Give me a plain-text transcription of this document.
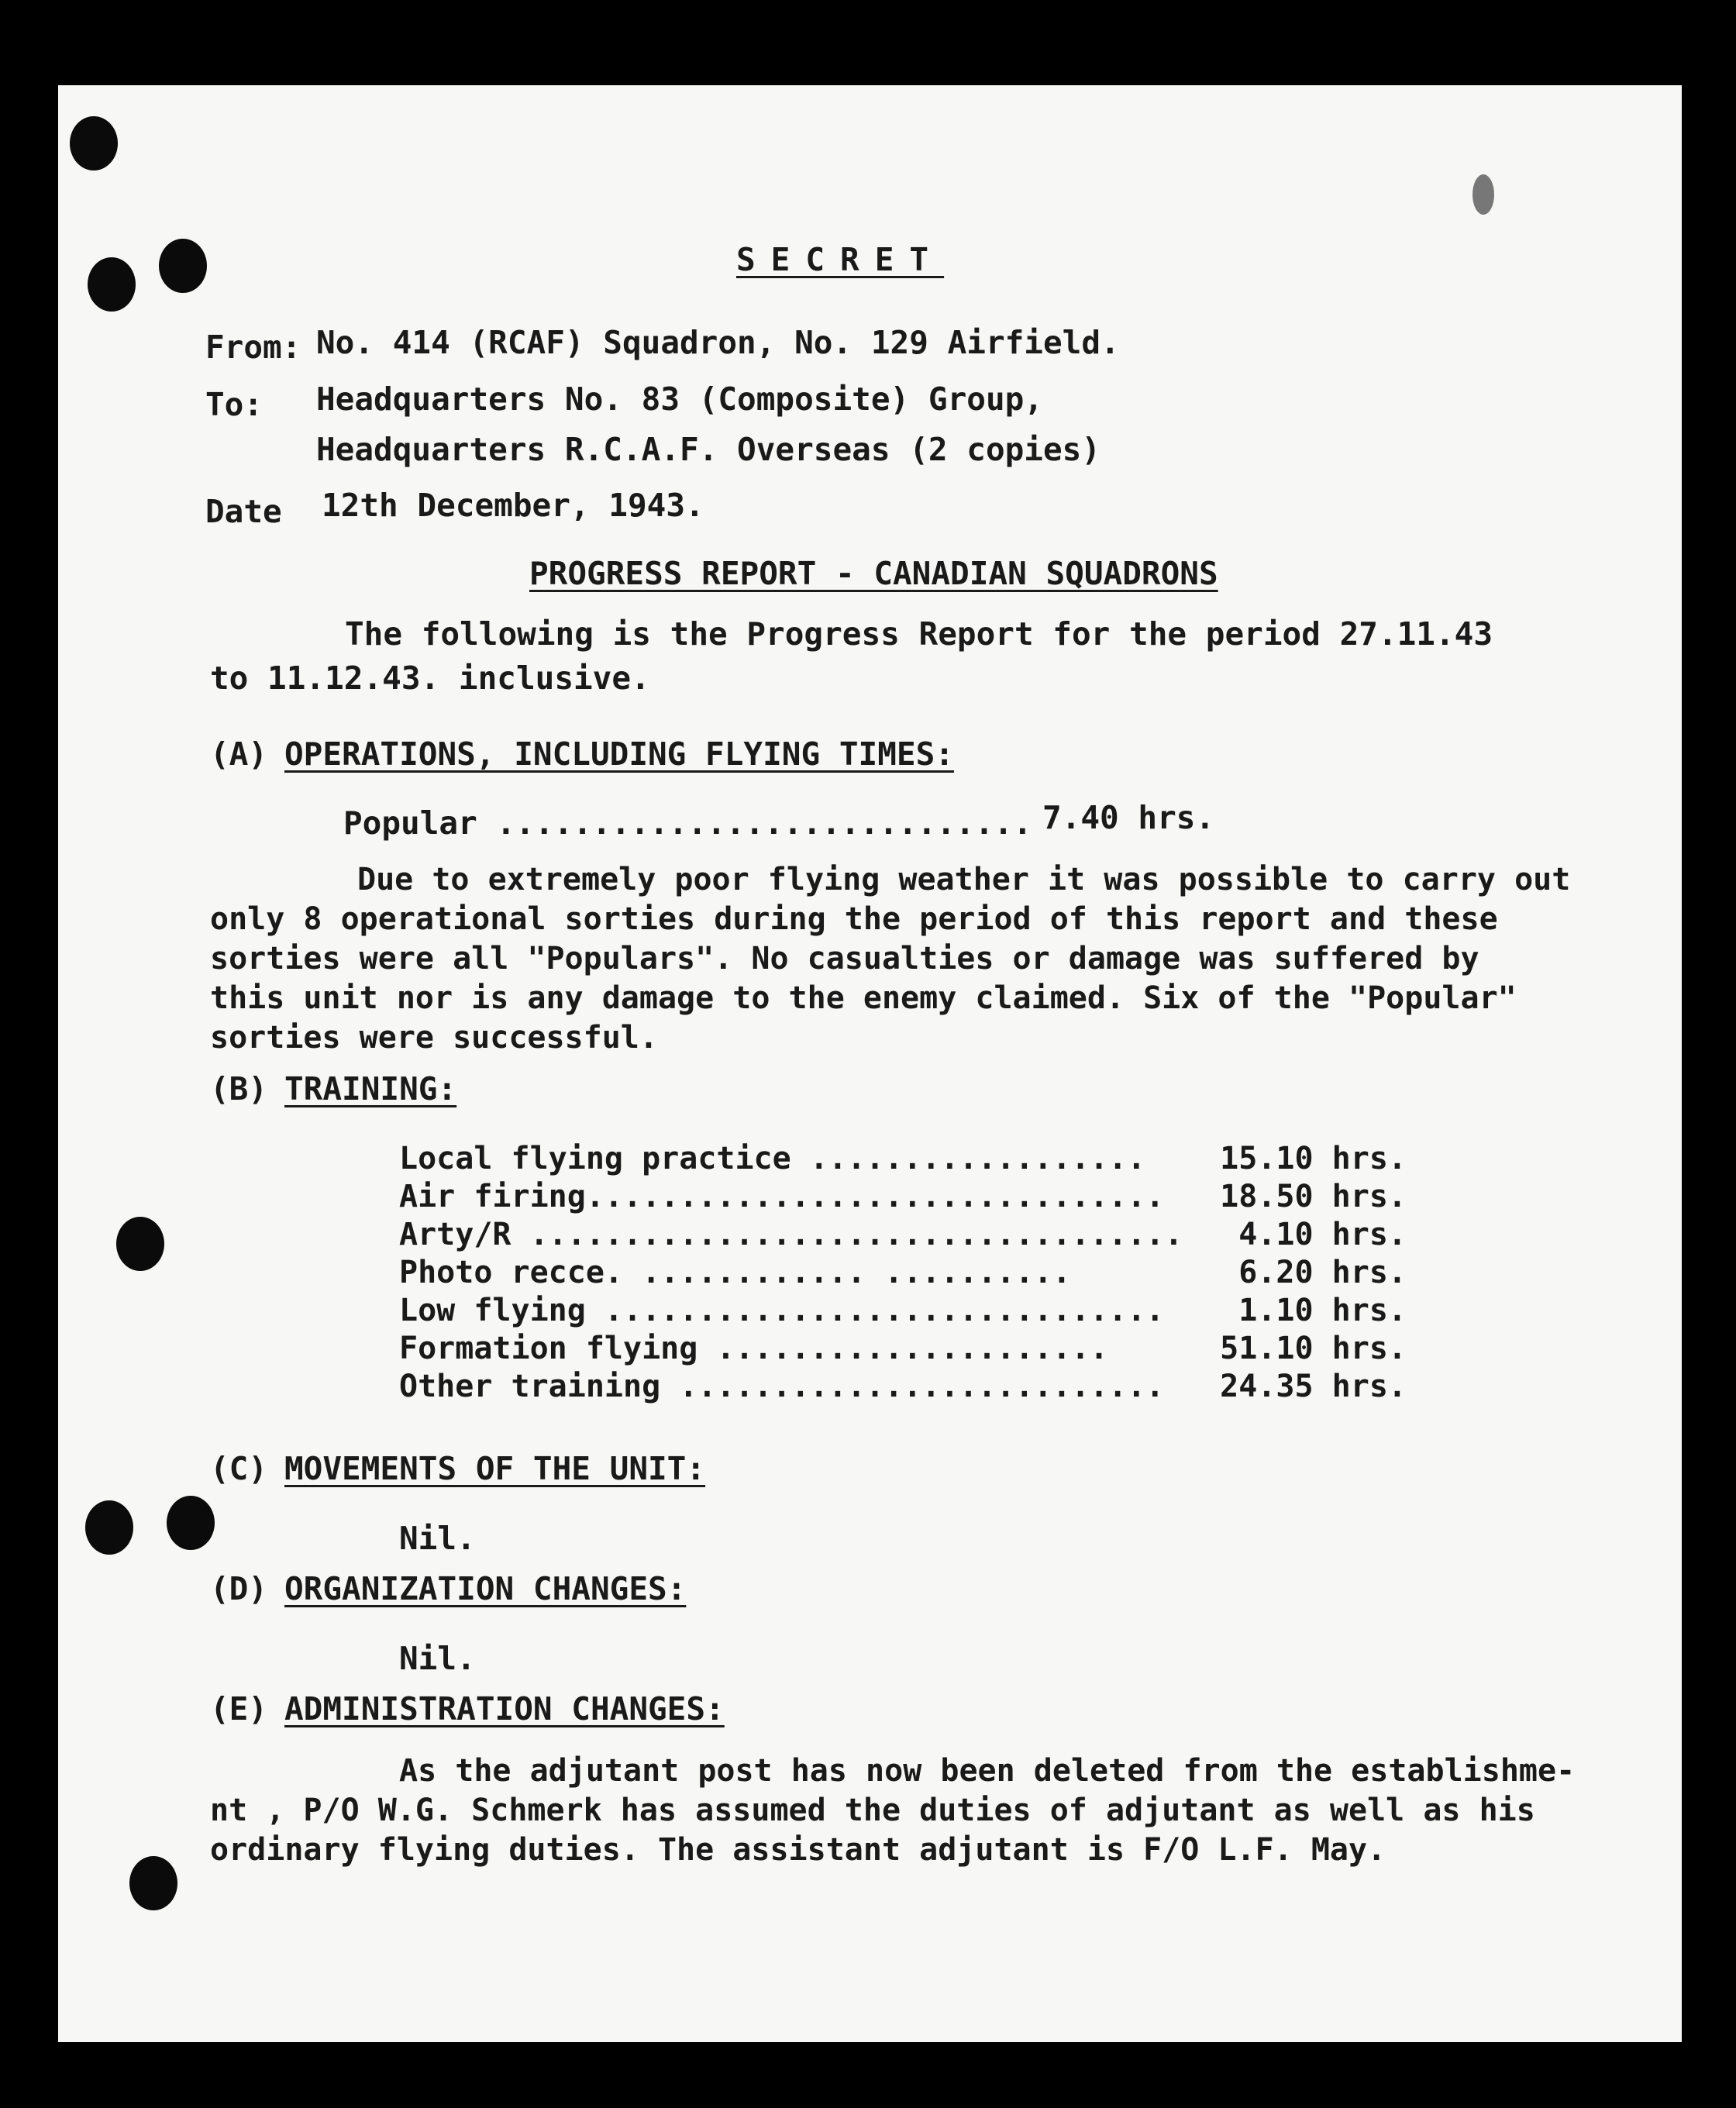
SECRET
From: No. 414 (RCAF) Squadron, No. 129 Airfield.
To: Headquarters No. 83 (Composite) Group,
Headquarters R.C.A.F. Overseas (2 copies)
Date 12th December, 1943.
PROGRESS REPORT - CANADIAN SQUADRONS
The following is the Progress Report for the period 27.11.43
to 11.12.43. inclusive.
(A) OPERATIONS, INCLUDING FLYING TIMES:
Popular ............................ 7.40 hrs.
Due to extremely poor flying weather it was possible to carry out
only 8 operational sorties during the period of this report and these
sorties were all "Populars". No casualties or damage was suffered by
this unit nor is any damage to the enemy claimed. Six of the "Popular"
sorties were successful.
(B) TRAINING:
Local flying practice .................. 15.10 hrs.
Air firing............................... 18.50 hrs.
Arty/R ................................... 4.10 hrs.
Photo recce. ............ ..........	6.20 hrs.
Low flying .............................. 1.10 hrs.
Formation flying .....................	51.10 hrs.
Other training .......................... 24.35 hrs.
(C) MOVEMENTS OF THE UNIT:
Nil.
(D) ORGANIZATION CHANGES:
Nil.
(E) ADMINISTRATION CHANGES:
As the adjutant post has now been deleted from the establishme-
nt , P/O W.G. Schmerk has assumed the duties of adjutant as well as his
ordinary flying duties. The assistant adjutant is F/O L.F. May.
